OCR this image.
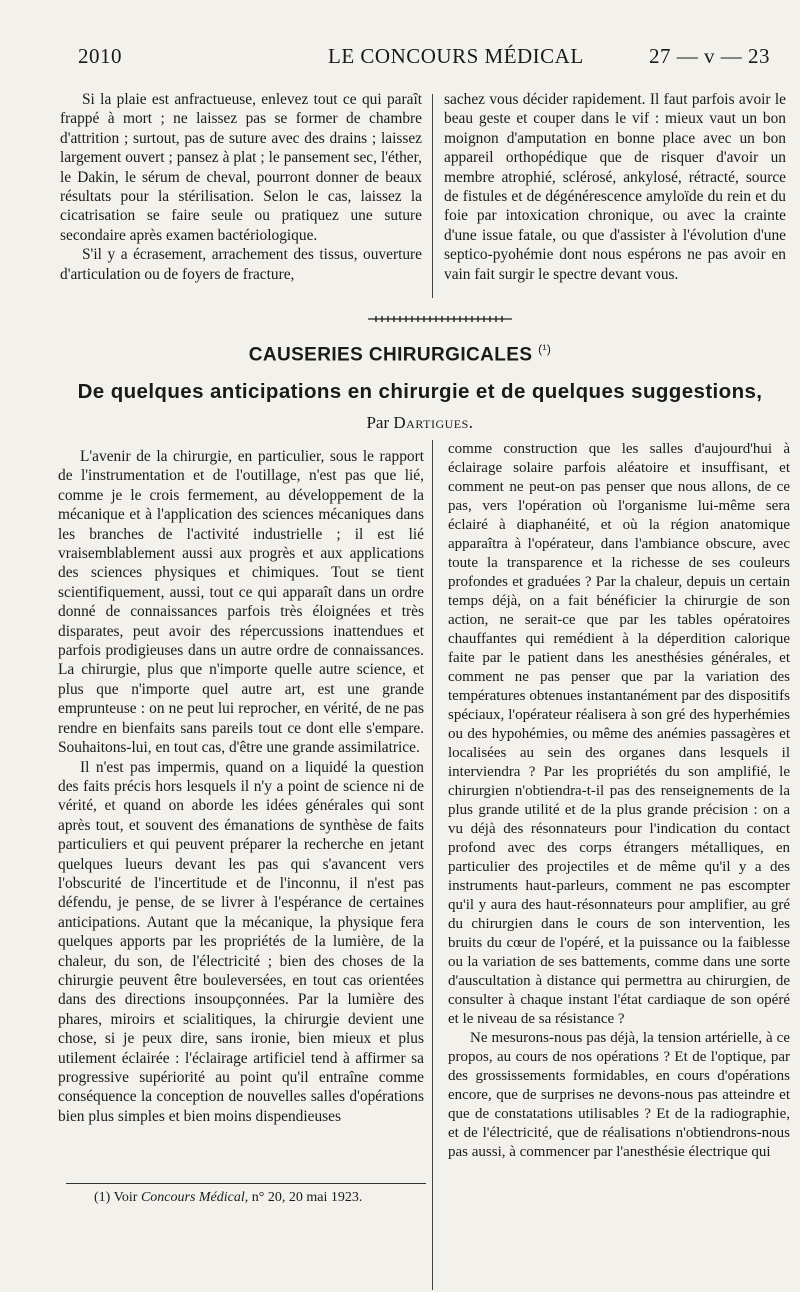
2010	LE CONCOURS MÉDICAL	27 — v — 23

Si la plaie est anfractueuse, enlevez tout ce qui paraît frappé à mort ; ne laissez pas se former de chambre d'attrition ; surtout, pas de suture avec des drains ; laissez largement ouvert ; pansez à plat ; le pansement sec, l'éther, le Dakin, le sérum de cheval, pourront donner de beaux résultats pour la stérilisation. Selon le cas, laissez la cicatrisation se faire seule ou pratiquez une suture secondaire après examen bactériologique.

S'il y a écrasement, arrachement des tissus, ouverture d'articulation ou de foyers de fracture,

sachez vous décider rapidement. Il faut parfois avoir le beau geste et couper dans le vif : mieux vaut un bon moignon d'amputation en bonne place avec un bon appareil orthopédique que de risquer d'avoir un membre atrophié, sclérosé, ankylosé, rétracté, source de fistules et de dégénérescence amyloïde du rein et du foie par intoxication chronique, ou avec la crainte d'une issue fatale, ou que d'assister à l'évolution d'une septico-pyohémie dont nous espérons ne pas avoir en vain fait surgir le spectre devant vous.

CAUSERIES CHIRURGICALES $^{(^1)}$
De quelques anticipations en chirurgie et de quelques suggestions,
Par Dartigues.

L'avenir de la chirurgie, en particulier, sous le rapport de l'instrumentation et de l'outillage, n'est pas que lié, comme je le crois fermement, au développement de la mécanique et à l'application des sciences mécaniques dans les branches de l'activité industrielle ; il est lié vraisemblablement aussi aux progrès et aux applications des sciences physiques et chimiques. Tout se tient scientifiquement, aussi, tout ce qui apparaît dans un ordre donné de connaissances parfois très éloignées et très disparates, peut avoir des répercussions inattendues et parfois prodigieuses dans un autre ordre de connaissances. La chirurgie, plus que n'importe quelle autre science, et plus que n'importe quel autre art, est une grande emprunteuse : on ne peut lui reprocher, en vérité, de ne pas rendre en bienfaits sans pareils tout ce dont elle s'empare. Souhaitons-lui, en tout cas, d'être une grande assimilatrice.

Il n'est pas impermis, quand on a liquidé la question des faits précis hors lesquels il n'y a point de science ni de vérité, et quand on aborde les idées générales qui sont après tout, et souvent des émanations de synthèse de faits particuliers et qui peuvent préparer la recherche en jetant quelques lueurs devant les pas qui s'avancent vers l'obscurité de l'incertitude et de l'inconnu, il n'est pas défendu, je pense, de se livrer à l'espérance de certaines anticipations. Autant que la mécanique, la physique fera quelques apports par les propriétés de la lumière, de la chaleur, du son, de l'électricité ; bien des choses de la chirurgie peuvent être bouleversées, en tout cas orientées dans des directions insoupçonnées. Par la lumière des phares, miroirs et scialitiques, la chirurgie devient une chose, si je peux dire, sans ironie, bien mieux et plus utilement éclairée : l'éclairage artificiel tend à affirmer sa progressive supériorité au point qu'il entraîne comme conséquence la conception de nouvelles salles d'opérations bien plus simples et bien moins dispendieuses

comme construction que les salles d'aujourd'hui à éclairage solaire parfois aléatoire et insuffisant, et comment ne peut-on pas penser que nous allons, de ce pas, vers l'opération où l'organisme lui-même sera éclairé à diaphanéité, et où la région anatomique apparaîtra à l'opérateur, dans l'ambiance obscure, avec toute la transparence et la richesse de ses couleurs profondes et graduées ? Par la chaleur, depuis un certain temps déjà, on a fait bénéficier la chirurgie de son action, ne serait-ce que par les tables opératoires chauffantes qui remédient à la déperdition calorique faite par le patient dans les anesthésies générales, et comment ne pas penser que par la variation des températures obtenues instantanément par des dispositifs spéciaux, l'opérateur réalisera à son gré des hyperhémies ou des hypohémies, ou même des anémies passagères et localisées au sein des organes dans lesquels il interviendra ? Par les propriétés du son amplifié, le chirurgien n'obtiendra-t-il pas des renseignements de la plus grande utilité et de la plus grande précision : on a vu déjà des résonnateurs pour l'indication du contact profond avec des corps étrangers métalliques, en particulier des projectiles et de même qu'il y a des instruments haut-parleurs, comment ne pas escompter qu'il y aura des haut-résonnateurs pour amplifier, au gré du chirurgien dans le cours de son intervention, les bruits du cœur de l'opéré, et la puissance ou la faiblesse ou la variation de ses battements, comme dans une sorte d'auscultation à distance qui permettra au chirurgien, de consulter à chaque instant l'état cardiaque de son opéré et le niveau de sa résistance ?

Ne mesurons-nous pas déjà, la tension artérielle, à ce propos, au cours de nos opérations ? Et de l'optique, par des grossissements formidables, en cours d'opérations encore, que de surprises ne devons-nous pas atteindre et que de constatations utilisables ? Et de la radiographie, et de l'électricité, que de réalisations n'obtiendrons-nous pas aussi, à commencer par l'anesthésie électrique qui

(1) Voir Concours Médical, n° 20, 20 mai 1923.
